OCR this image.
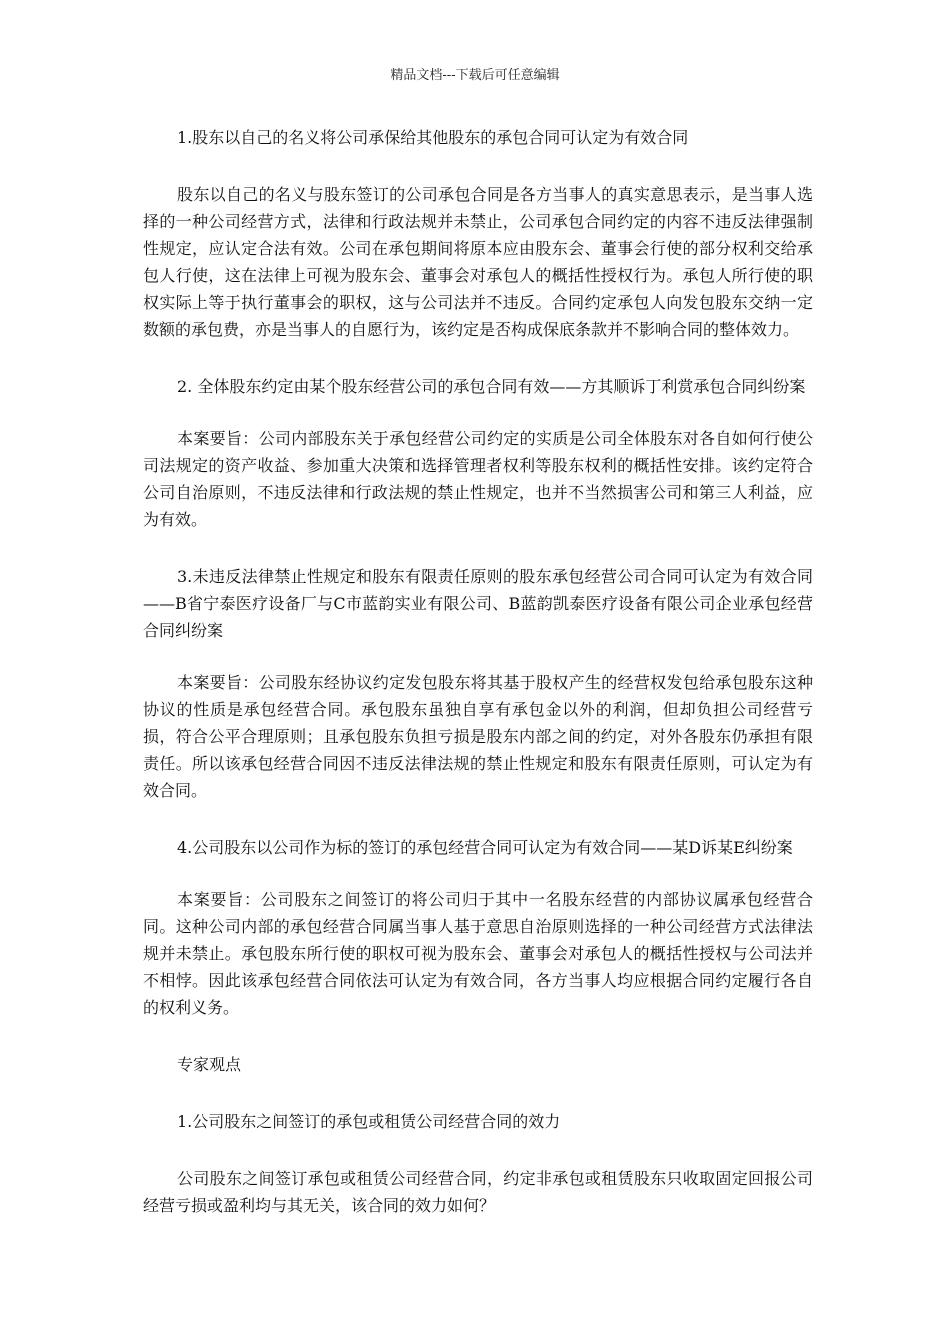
精品文档---下载后可任意编辑

1.股东以自己的名义将公司承保给其他股东的承包合同可认定为有效合同

股东以自己的名义与股东签订的公司承包合同是各方当事人的真实意思表示，是当事人选择的一种公司经营方式，法律和行政法规并未禁止，公司承包合同约定的内容不违反法律强制性规定，应认定合法有效。公司在承包期间将原本应由股东会、董事会行使的部分权利交给承包人行使，这在法律上可视为股东会、董事会对承包人的概括性授权行为。承包人所行使的职权实际上等于执行董事会的职权，这与公司法并不违反。合同约定承包人向发包股东交纳一定数额的承包费，亦是当事人的自愿行为，该约定是否构成保底条款并不影响合同的整体效力。

2. 全体股东约定由某个股东经营公司的承包合同有效——方其顺诉丁利赏承包合同纠纷案

本案要旨：公司内部股东关于承包经营公司约定的实质是公司全体股东对各自如何行使公司法规定的资产收益、参加重大决策和选择管理者权利等股东权利的概括性安排。该约定符合公司自治原则，不违反法律和行政法规的禁止性规定，也并不当然损害公司和第三人利益，应为有效。

3.未违反法律禁止性规定和股东有限责任原则的股东承包经营公司合同可认定为有效合同——B省宁泰医疗设备厂与C市蓝韵实业有限公司、B蓝韵凯泰医疗设备有限公司企业承包经营合同纠纷案

本案要旨：公司股东经协议约定发包股东将其基于股权产生的经营权发包给承包股东这种协议的性质是承包经营合同。承包股东虽独自享有承包金以外的利润，但却负担公司经营亏损，符合公平合理原则；且承包股东负担亏损是股东内部之间的约定，对外各股东仍承担有限责任。所以该承包经营合同因不违反法律法规的禁止性规定和股东有限责任原则，可认定为有效合同。

4.公司股东以公司作为标的签订的承包经营合同可认定为有效合同——某D诉某E纠纷案

本案要旨：公司股东之间签订的将公司归于其中一名股东经营的内部协议属承包经营合同。这种公司内部的承包经营合同属当事人基于意思自治原则选择的一种公司经营方式法律法规并未禁止。承包股东所行使的职权可视为股东会、董事会对承包人的概括性授权与公司法并不相悖。因此该承包经营合同依法可认定为有效合同，各方当事人均应根据合同约定履行各自的权利义务。

专家观点

1.公司股东之间签订的承包或租赁公司经营合同的效力

公司股东之间签订承包或租赁公司经营合同，约定非承包或租赁股东只收取固定回报公司经营亏损或盈利均与其无关，该合同的效力如何？
